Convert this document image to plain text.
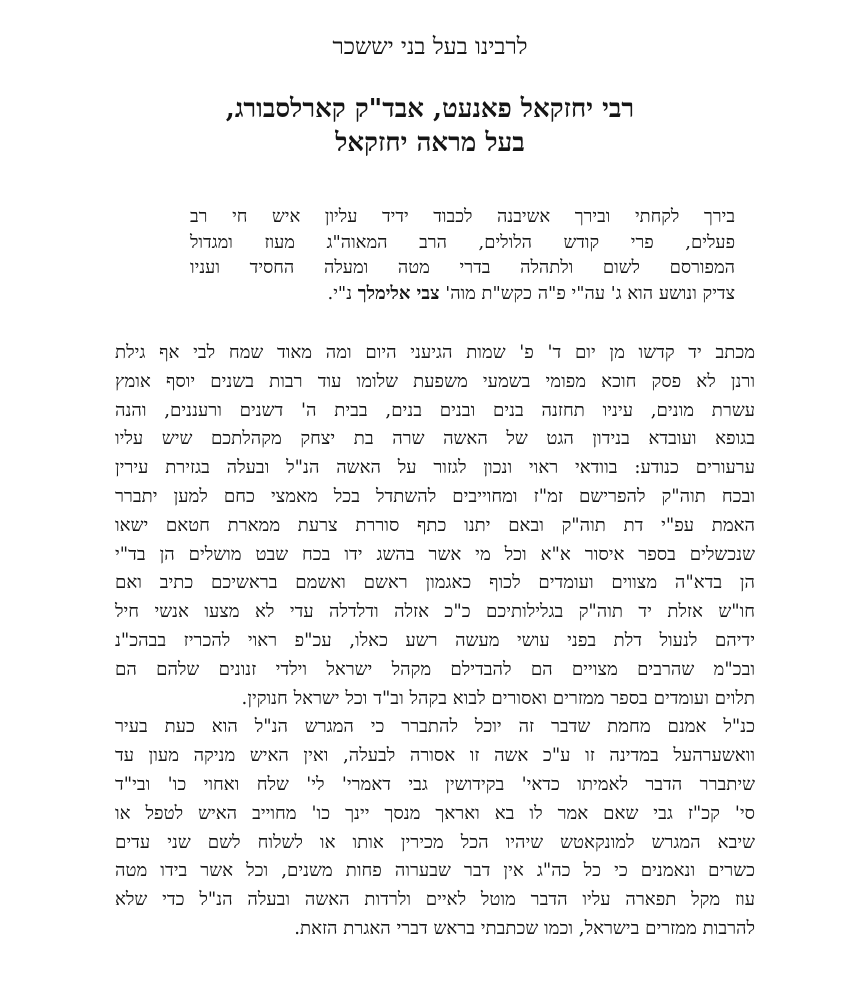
לרבינו בעל בני יששכר
רבי יחזקאל פאנעט, אבד"ק קארלסבורג,
בעל מראה יחזקאל
בירך לקחתי ובירך אשיבנה לכבוד ידיד עליון איש חי רב
פעלים, פרי קודש הלולים, הרב המאוה"ג מעוז ומגדול
המפורסם לשום ולתהלה בדרי מטה ומעלה החסיד ועניו
צדיק ונושע הוא ג' עה"י פ"ה כקש"ת מוה' צבי אלימלך נ"י.
מכתב יד קדשו מן יום ד' פ' שמות הגיעני היום ומה מאוד שמח לבי אף גילת
ורנן לא פסק חוכא מפומי בשמעי משפעת שלומו עוד רבות בשנים יוסף אומץ
עשרת מונים, עיניו תחזנה בנים ובנים בנים, בבית ה' דשנים ורעננים, והנה
בגופא ועובדא בנידון הגט של האשה שרה בת יצחק מקהלתכם שיש עליו
ערעורים כנודע: בוודאי ראוי ונכון לגזור על האשה הנ"ל ובעלה בגזירת עירין
ובכח תוה"ק להפרישם זמ"ז ומחוייבים להשתדל בכל מאמצי כחם למען יתברר
האמת עפ"י דת תוה"ק ובאם יתנו כתף סוררת צרעת ממארת חטאם ישאו
שנכשלים בספר איסור א"א וכל מי אשר בהשג ידו בכח שבט מושלים הן בד"י
הן בדא"ה מצווים ועומדים לכוף כאגמון ראשם ואשמם בראשיכם כתיב ואם
חו"ש אזלת יד תוה"ק בגלילותיכם כ"כ אזלה ודלדלה עדי לא מצעו אנשי חיל
ידיהם לנעול דלת בפני עושי מעשה רשע כאלו, עכ"פ ראוי להכריז בבהכ"נ
ובכ"מ שהרבים מצויים הם להבדילם מקהל ישראל וילדי זנונים שלהם הם
תלוים ועומדים בספר ממזרים ואסורים לבוא בקהל וב"ד וכל ישראל חנוקין.
כנ"ל אמנם מחמת שדבר זה יוכל להתברר כי המגרש הנ"ל הוא כעת בעיר
וואשערהעל במדינה זו ע"כ אשה זו אסורה לבעלה, ואין האיש מניקה מעון עד
שיתברר הדבר לאמיתו כדאי' בקידושין גבי דאמרי' לי' שלח ואחוי כו' ובי"ד
סי' קכ"ז גבי שאם אמר לו בא ואראך מנסך יינך כו' מחוייב האיש לטפל או
שיבא המגרש למונקאטש שיהיו הכל מכירין אותו או לשלוח לשם שני עדים
כשרים ונאמנים כי כל כה"ג אין דבר שבערוה פחות משנים, וכל אשר בידו מטה
עוז מקל תפארה עליו הדבר מוטל לאיים ולרדות האשה ובעלה הנ"ל כדי שלא
להרבות ממזרים בישראל, וכמו שכתבתי בראש דברי האגרת הזאת.
